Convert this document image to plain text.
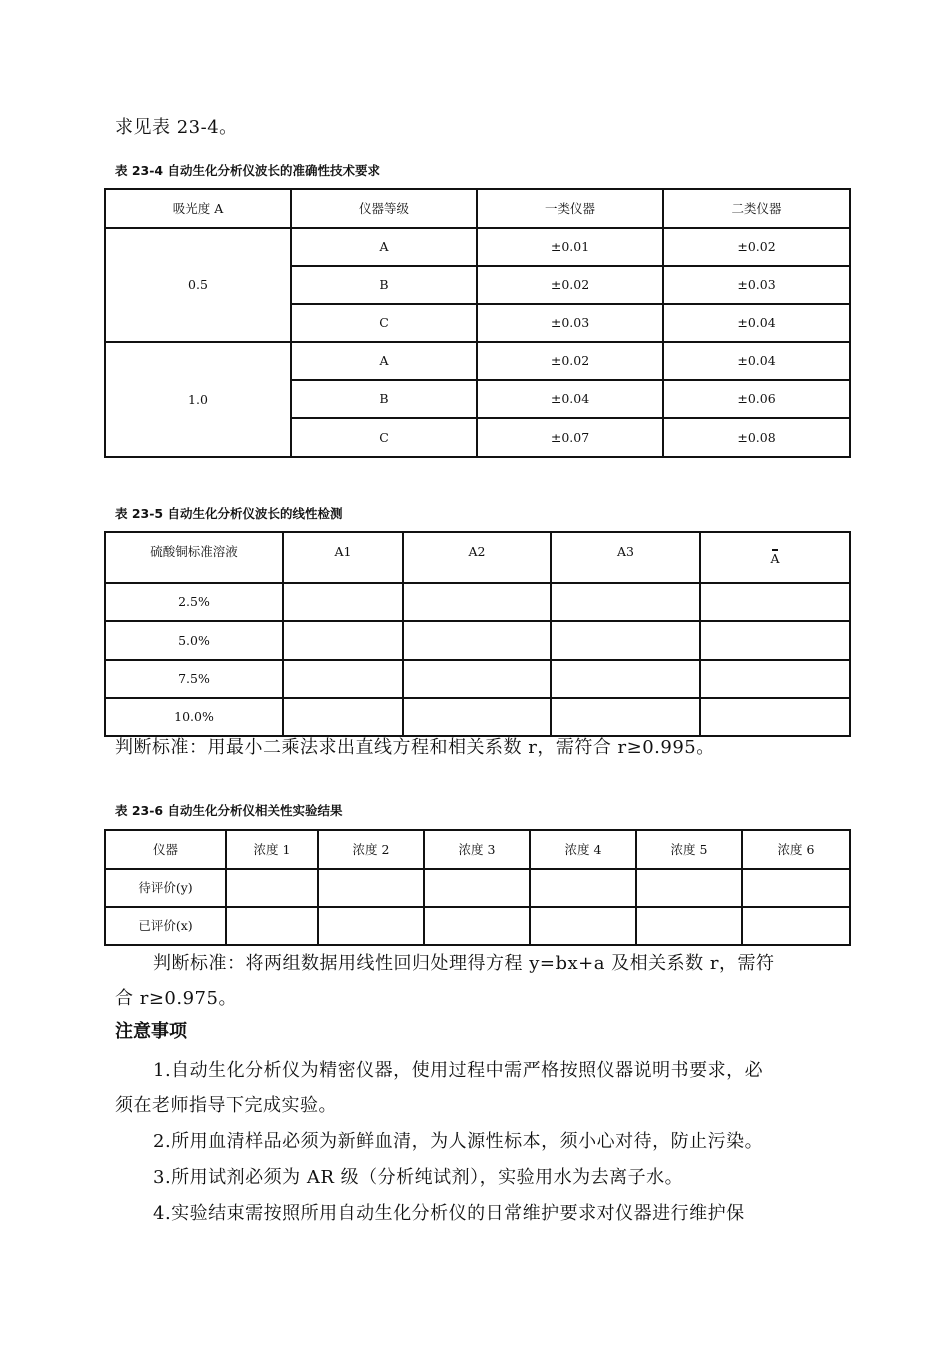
求见表 23-4。
表 23-4 自动生化分析仪波长的准确性技术要求
吸光度 A	仪器等级	一类仪器	二类仪器
0.5	A	±0.01	±0.02
	B	±0.02	±0.03
	C	±0.03	±0.04
1.0	A	±0.02	±0.04
	B	±0.04	±0.06
	C	±0.07	±0.08
表 23-5 自动生化分析仪波长的线性检测
硫酸铜标准溶液	A1	A2	A3	A
2.5%				
5.0%				
7.5%				
10.0%				
判断标准：用最小二乘法求出直线方程和相关系数 r，需符合 r≥0.995。
表 23-6 自动生化分析仪相关性实验结果
仪器	浓度 1	浓度 2	浓度 3	浓度 4	浓度 5	浓度 6
待评价(y)						
已评价(x)						
判断标准：将两组数据用线性回归处理得方程 y=bx+a 及相关系数 r，需符
合 r≥0.975。
注意事项
1.自动生化分析仪为精密仪器，使用过程中需严格按照仪器说明书要求，必
须在老师指导下完成实验。
2.所用血清样品必须为新鲜血清，为人源性标本，须小心对待，防止污染。
3.所用试剂必须为 AR 级（分析纯试剂），实验用水为去离子水。
4.实验结束需按照所用自动生化分析仪的日常维护要求对仪器进行维护保
